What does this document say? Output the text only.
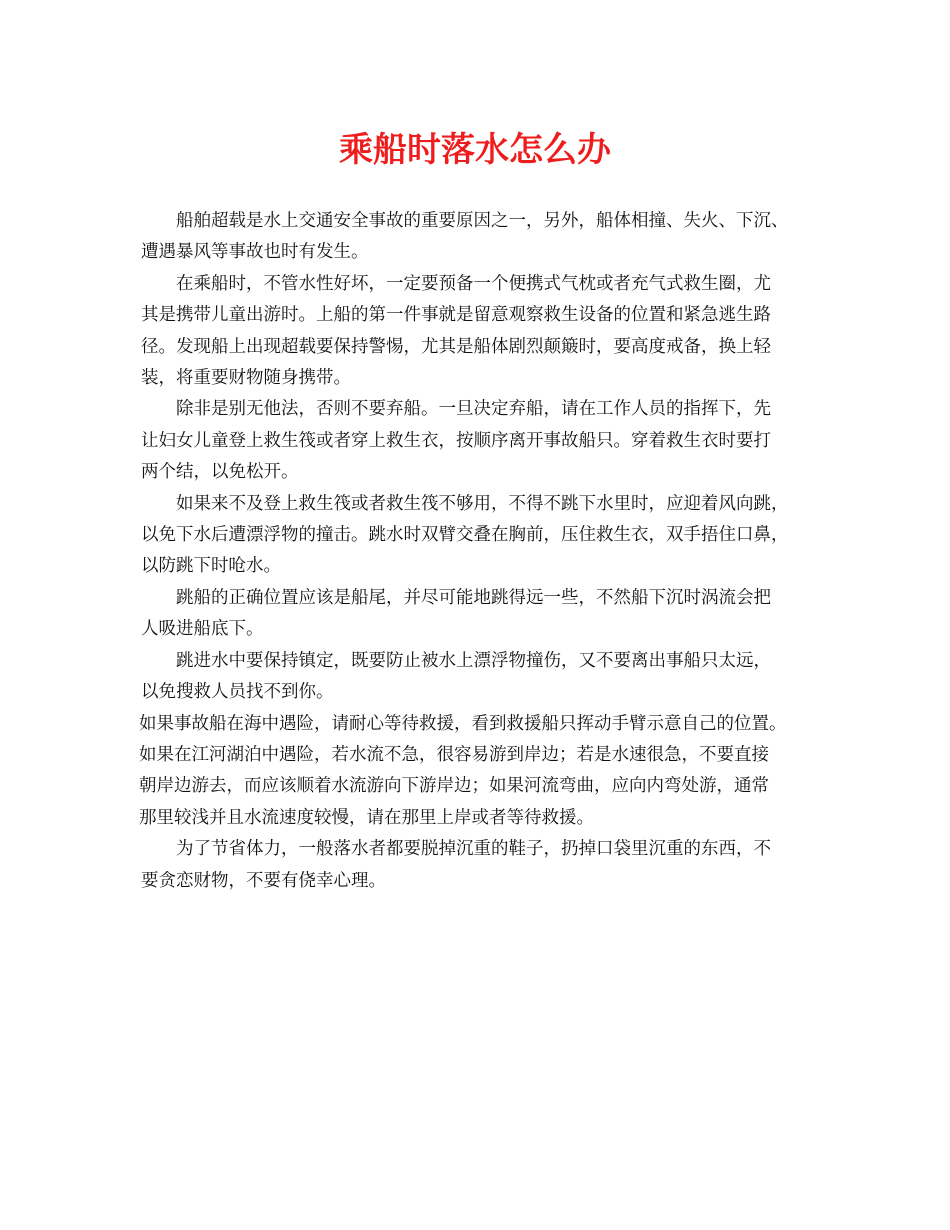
乘船时落水怎么办

船舶超载是水上交通安全事故的重要原因之一，另外，船体相撞、失火、下沉、
遭遇暴风等事故也时有发生。

在乘船时，不管水性好坏，一定要预备一个便携式气枕或者充气式救生圈，尤
其是携带儿童出游时。上船的第一件事就是留意观察救生设备的位置和紧急逃生路
径。发现船上出现超载要保持警惕，尤其是船体剧烈颠簸时，要高度戒备，换上轻
装，将重要财物随身携带。

除非是别无他法，否则不要弃船。一旦决定弃船，请在工作人员的指挥下，先
让妇女儿童登上救生筏或者穿上救生衣，按顺序离开事故船只。穿着救生衣时要打
两个结，以免松开。

如果来不及登上救生筏或者救生筏不够用，不得不跳下水里时，应迎着风向跳，
以免下水后遭漂浮物的撞击。跳水时双臂交叠在胸前，压住救生衣，双手捂住口鼻，
以防跳下时呛水。

跳船的正确位置应该是船尾，并尽可能地跳得远一些，不然船下沉时涡流会把
人吸进船底下。

跳进水中要保持镇定，既要防止被水上漂浮物撞伤，又不要离出事船只太远，
以免搜救人员找不到你。

如果事故船在海中遇险，请耐心等待救援，看到救援船只挥动手臂示意自己的位置。
如果在江河湖泊中遇险，若水流不急，很容易游到岸边；若是水速很急，不要直接
朝岸边游去，而应该顺着水流游向下游岸边；如果河流弯曲，应向内弯处游，通常
那里较浅并且水流速度较慢，请在那里上岸或者等待救援。

为了节省体力，一般落水者都要脱掉沉重的鞋子，扔掉口袋里沉重的东西，不
要贪恋财物，不要有侥幸心理。
